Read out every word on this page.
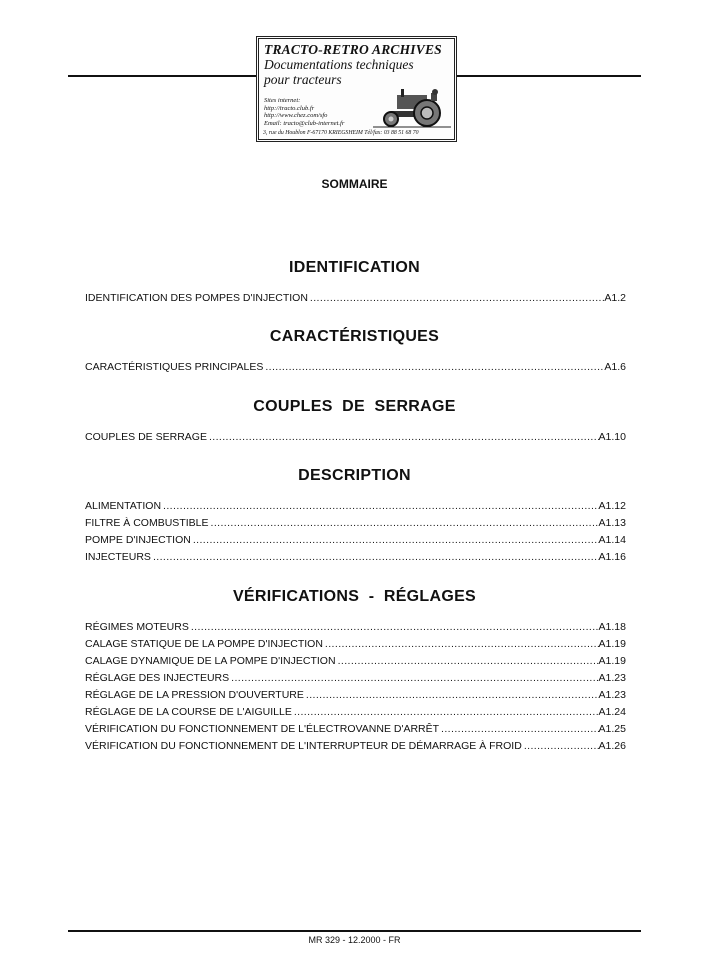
TRACTO-RETRO ARCHIVES
Documentations techniques
pour tracteurs
Sites internet:
http://tracto.club.fr
http://www.chez.com/sfo
Email: tracto@club-internet.fr
3, rue du Houblon F-67170 KRIEGSHEIM Tél/fax: 03 88 51 68 70
SOMMAIRE
IDENTIFICATION
IDENTIFICATION DES POMPES D'INJECTION .....	A1.2
CARACTÉRISTIQUES
CARACTÉRISTIQUES PRINCIPALES .....	A1.6
COUPLES  DE  SERRAGE
COUPLES DE SERRAGE .....	A1.10
DESCRIPTION
ALIMENTATION .....	A1.12
FILTRE À COMBUSTIBLE .....	A1.13
POMPE D'INJECTION .....	A1.14
INJECTEURS .....	A1.16
VÉRIFICATIONS  -  RÉGLAGES
RÉGIMES MOTEURS .....	A1.18
CALAGE STATIQUE DE LA POMPE D'INJECTION .....	A1.19
CALAGE DYNAMIQUE DE LA POMPE D'INJECTION .....	A1.19
RÉGLAGE DES INJECTEURS .....	A1.23
RÉGLAGE DE LA PRESSION D'OUVERTURE .....	A1.23
RÉGLAGE DE LA COURSE DE L'AIGUILLE .....	A1.24
VÉRIFICATION DU FONCTIONNEMENT DE L'ÉLECTROVANNE D'ARRÊT .....	A1.25
VÉRIFICATION DU FONCTIONNEMENT DE L'INTERRUPTEUR DE DÉMARRAGE À FROID .....	A1.26
MR 329 - 12.2000 - FR
